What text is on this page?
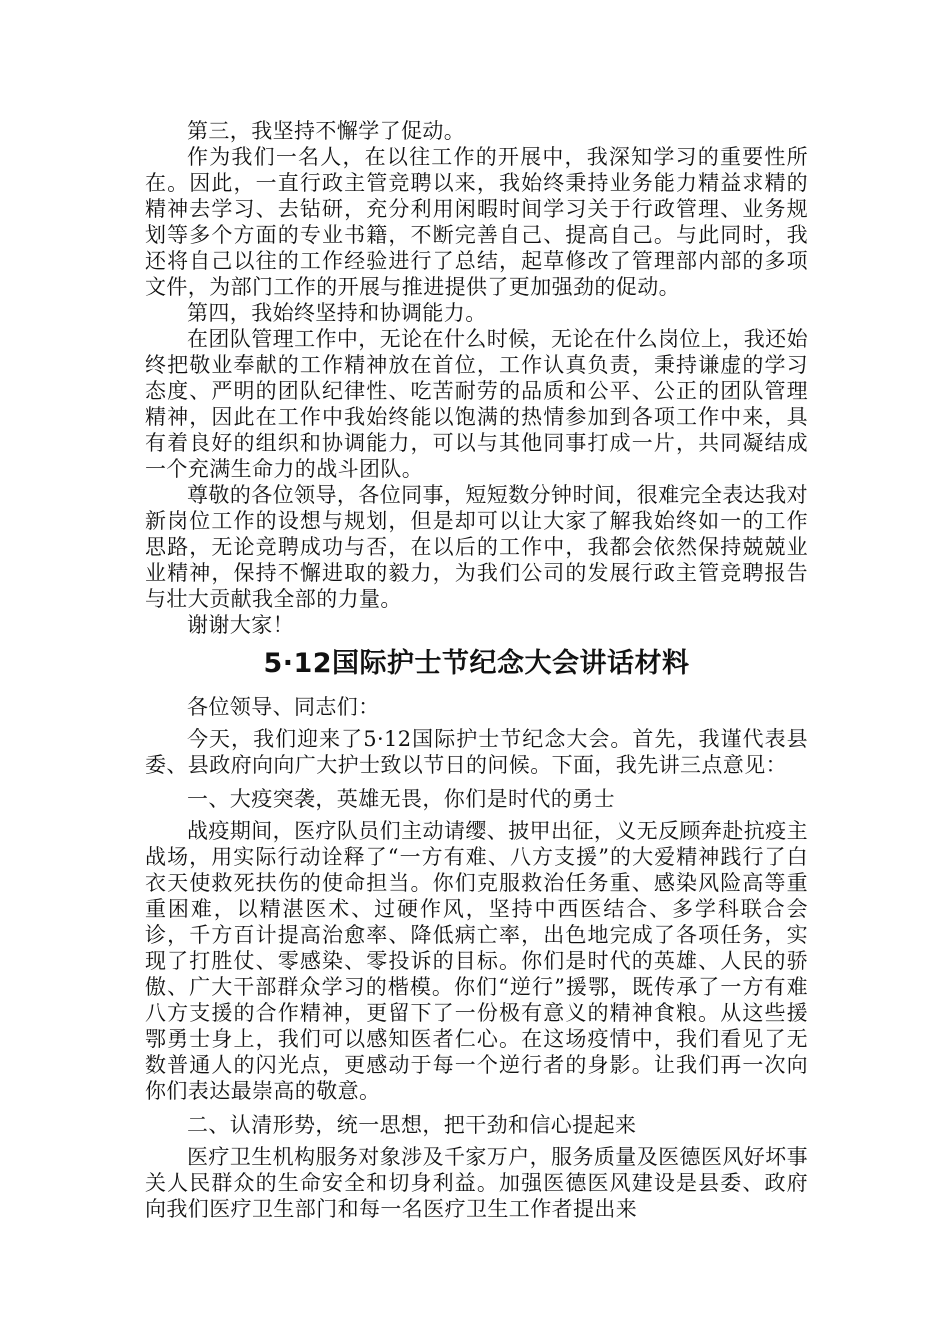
第三，我坚持不懈学了促动。

作为我们一名人，在以往工作的开展中，我深知学习的重要性所在。因此，一直行政主管竞聘以来，我始终秉持业务能力精益求精的精神去学习、去钻研，充分利用闲暇时间学习关于行政管理、业务规划等多个方面的专业书籍，不断完善自己、提高自己。与此同时，我还将自己以往的工作经验进行了总结，起草修改了管理部内部的多项文件，为部门工作的开展与推进提供了更加强劲的促动。

第四，我始终坚持和协调能力。

在团队管理工作中，无论在什么时候，无论在什么岗位上，我还始终把敬业奉献的工作精神放在首位，工作认真负责，秉持谦虚的学习态度、严明的团队纪律性、吃苦耐劳的品质和公平、公正的团队管理精神，因此在工作中我始终能以饱满的热情参加到各项工作中来，具有着良好的组织和协调能力，可以与其他同事打成一片，共同凝结成一个充满生命力的战斗团队。

尊敬的各位领导，各位同事，短短数分钟时间，很难完全表达我对新岗位工作的设想与规划，但是却可以让大家了解我始终如一的工作思路，无论竞聘成功与否，在以后的工作中，我都会依然保持兢兢业业精神，保持不懈进取的毅力，为我们公司的发展行政主管竞聘报告与壮大贡献我全部的力量。

谢谢大家！

5·12国际护士节纪念大会讲话材料

各位领导、同志们：

今天，我们迎来了5·12国际护士节纪念大会。首先，我谨代表县委、县政府向向广大护士致以节日的问候。下面，我先讲三点意见：

一、大疫突袭，英雄无畏，你们是时代的勇士

战疫期间，医疗队员们主动请缨、披甲出征，义无反顾奔赴抗疫主战场，用实际行动诠释了“一方有难、八方支援”的大爱精神践行了白衣天使救死扶伤的使命担当。你们克服救治任务重、感染风险高等重重困难，以精湛医术、过硬作风，坚持中西医结合、多学科联合会诊，千方百计提高治愈率、降低病亡率，出色地完成了各项任务，实现了打胜仗、零感染、零投诉的目标。你们是时代的英雄、人民的骄傲、广大干部群众学习的楷模。你们“逆行”援鄂，既传承了一方有难八方支援的合作精神，更留下了一份极有意义的精神食粮。从这些援鄂勇士身上，我们可以感知医者仁心。在这场疫情中，我们看见了无数普通人的闪光点，更感动于每一个逆行者的身影。让我们再一次向你们表达最崇高的敬意。

二、认清形势，统一思想，把干劲和信心提起来

医疗卫生机构服务对象涉及千家万户，服务质量及医德医风好坏事关人民群众的生命安全和切身利益。加强医德医风建设是县委、政府向我们医疗卫生部门和每一名医疗卫生工作者提出来
